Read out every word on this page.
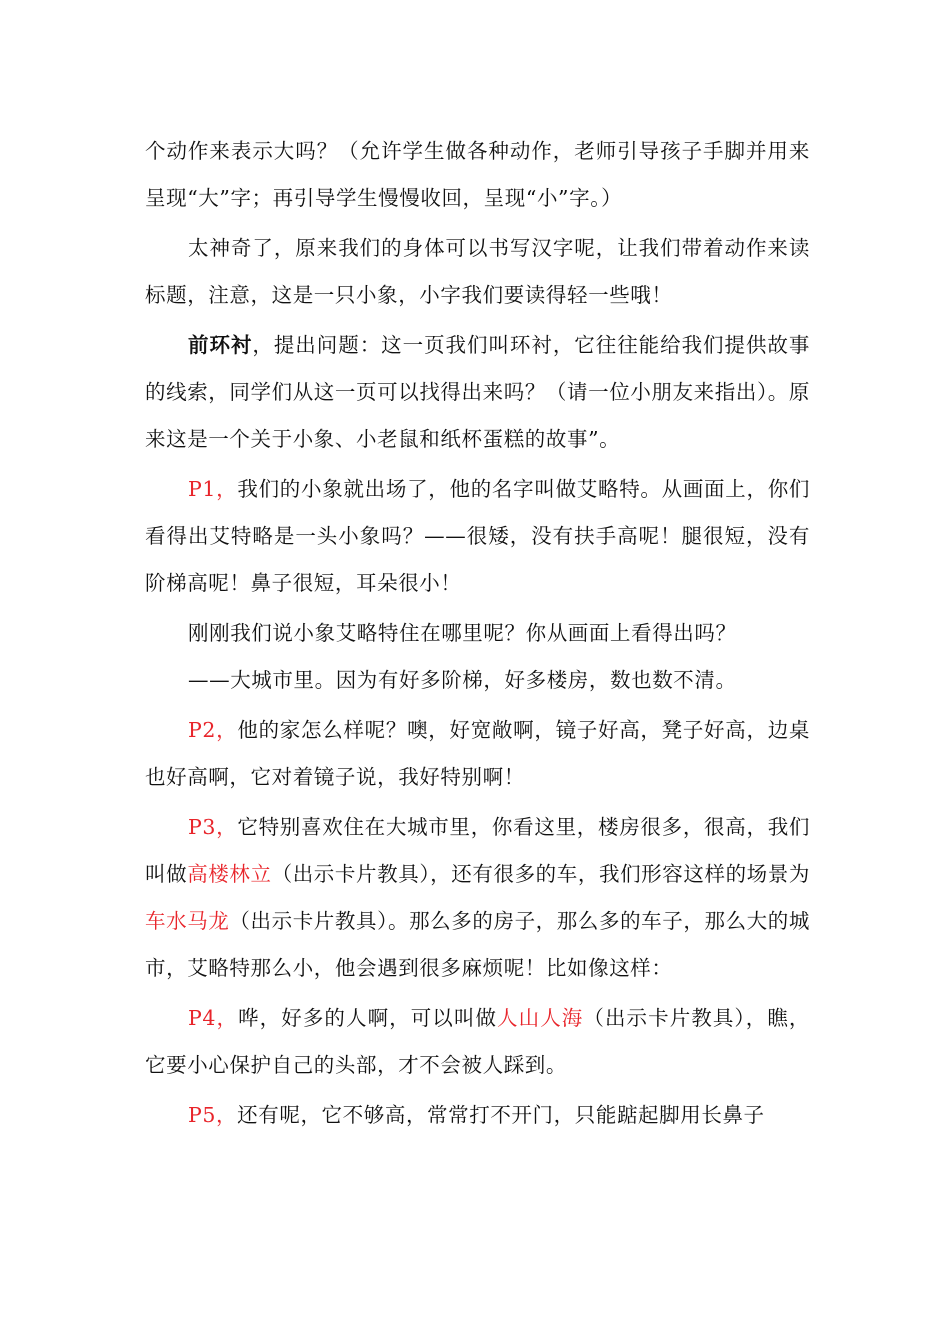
个动作来表示大吗？（允许学生做各种动作，老师引导孩子手脚并用来呈现“大”字；再引导学生慢慢收回，呈现“小”字。）

太神奇了，原来我们的身体可以书写汉字呢，让我们带着动作来读标题，注意，这是一只小象，小字我们要读得轻一些哦！

前环衬，提出问题：这一页我们叫环衬，它往往能给我们提供故事的线索，同学们从这一页可以找得出来吗？（请一位小朋友来指出）。原来这是一个关于小象、小老鼠和纸杯蛋糕的故事”。

P1，我们的小象就出场了，他的名字叫做艾略特。从画面上，你们看得出艾特略是一头小象吗？——很矮，没有扶手高呢！腿很短，没有阶梯高呢！鼻子很短，耳朵很小！

刚刚我们说小象艾略特住在哪里呢？你从画面上看得出吗？

——大城市里。因为有好多阶梯，好多楼房，数也数不清。

P2，他的家怎么样呢？噢，好宽敞啊，镜子好高，凳子好高，边桌也好高啊，它对着镜子说，我好特别啊！

P3，它特别喜欢住在大城市里，你看这里，楼房很多，很高，我们叫做高楼林立（出示卡片教具），还有很多的车，我们形容这样的场景为车水马龙（出示卡片教具）。那么多的房子，那么多的车子，那么大的城市，艾略特那么小，他会遇到很多麻烦呢！比如像这样：

P4，哗，好多的人啊，可以叫做人山人海（出示卡片教具），瞧，它要小心保护自己的头部，才不会被人踩到。

P5，还有呢，它不够高，常常打不开门，只能踮起脚用长鼻子
